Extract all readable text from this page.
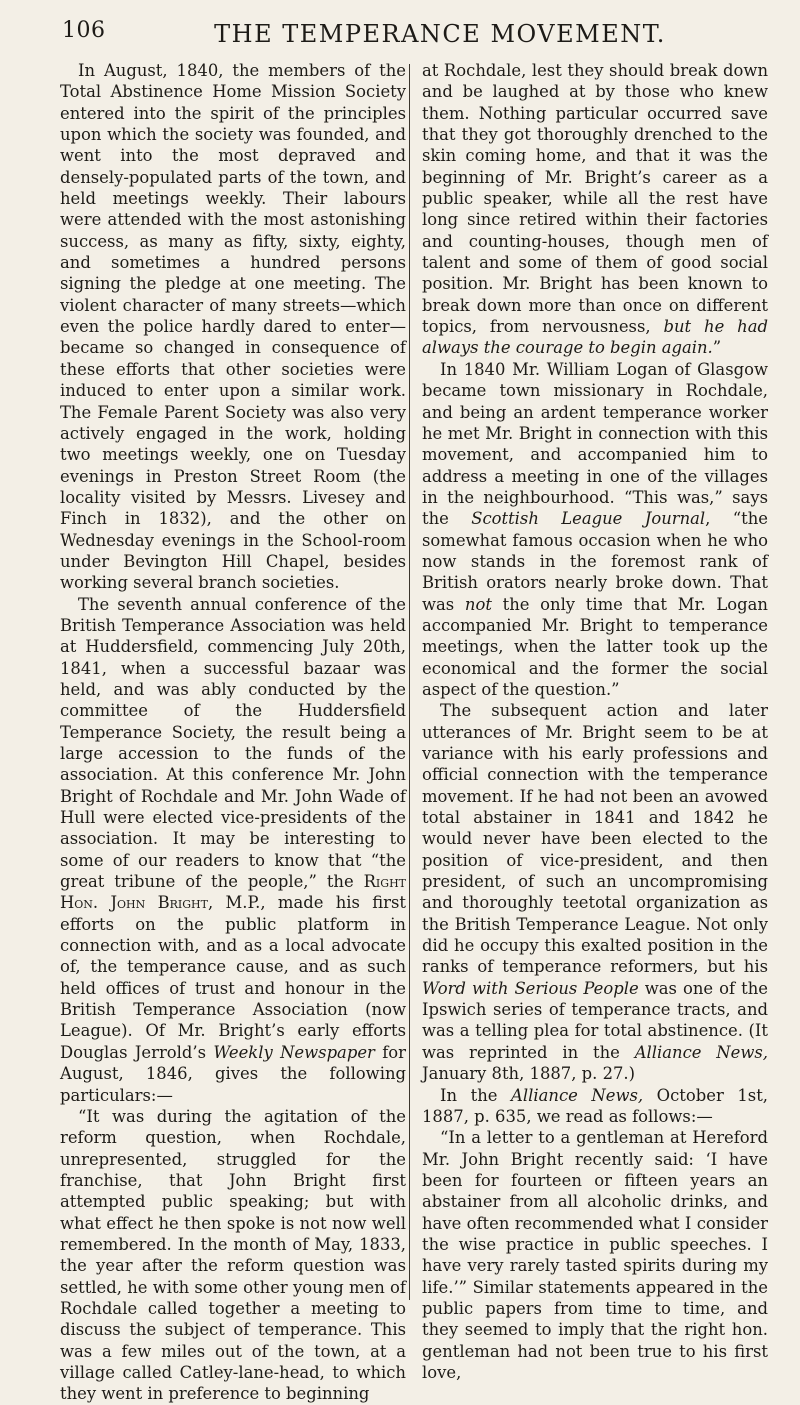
106	THE TEMPERANCE MOVEMENT.

In August, 1840, the members of the Total Abstinence Home Mission Society entered into the spirit of the principles upon which the society was founded, and went into the most depraved and densely-populated parts of the town, and held meetings weekly. Their labours were attended with the most astonishing success, as many as fifty, sixty, eighty, and sometimes a hundred persons signing the pledge at one meeting. The violent character of many streets—which even the police hardly dared to enter—became so changed in consequence of these efforts that other societies were induced to enter upon a similar work. The Female Parent Society was also very actively engaged in the work, holding two meetings weekly, one on Tuesday evenings in Preston Street Room (the locality visited by Messrs. Livesey and Finch in 1832), and the other on Wednesday evenings in the School-room under Bevington Hill Chapel, besides working several branch societies.

The seventh annual conference of the British Temperance Association was held at Huddersfield, commencing July 20th, 1841, when a successful bazaar was held, and was ably conducted by the committee of the Huddersfield Temperance Society, the result being a large accession to the funds of the association. At this conference Mr. John Bright of Rochdale and Mr. John Wade of Hull were elected vice-presidents of the association. It may be interesting to some of our readers to know that “the great tribune of the people,” the Right Hon. John Bright, M.P., made his first efforts on the public platform in connection with, and as a local advocate of, the temperance cause, and as such held offices of trust and honour in the British Temperance Association (now League). Of Mr. Bright’s early efforts Douglas Jerrold’s Weekly Newspaper for August, 1846, gives the following particulars:—

“It was during the agitation of the reform question, when Rochdale, unrepresented, struggled for the franchise, that John Bright first attempted public speaking; but with what effect he then spoke is not now well remembered. In the month of May, 1833, the year after the reform question was settled, he with some other young men of Rochdale called together a meeting to discuss the subject of temperance. This was a few miles out of the town, at a village called Catley-lane-head, to which they went in preference to beginning

at Rochdale, lest they should break down and be laughed at by those who knew them. Nothing particular occurred save that they got thoroughly drenched to the skin coming home, and that it was the beginning of Mr. Bright’s career as a public speaker, while all the rest have long since retired within their factories and counting-houses, though men of talent and some of them of good social position. Mr. Bright has been known to break down more than once on different topics, from nervousness, but he had always the courage to begin again.”

In 1840 Mr. William Logan of Glasgow became town missionary in Rochdale, and being an ardent temperance worker he met Mr. Bright in connection with this movement, and accompanied him to address a meeting in one of the villages in the neighbourhood. “This was,” says the Scottish League Journal, “the somewhat famous occasion when he who now stands in the foremost rank of British orators nearly broke down. That was not the only time that Mr. Logan accompanied Mr. Bright to temperance meetings, when the latter took up the economical and the former the social aspect of the question.”

The subsequent action and later utterances of Mr. Bright seem to be at variance with his early professions and official connection with the temperance movement. If he had not been an avowed total abstainer in 1841 and 1842 he would never have been elected to the position of vice-president, and then president, of such an uncompromising and thoroughly teetotal organization as the British Temperance League. Not only did he occupy this exalted position in the ranks of temperance reformers, but his Word with Serious People was one of the Ipswich series of temperance tracts, and was a telling plea for total abstinence. (It was reprinted in the Alliance News, January 8th, 1887, p. 27.)

In the Alliance News, October 1st, 1887, p. 635, we read as follows:—

“In a letter to a gentleman at Hereford Mr. John Bright recently said: ‘I have been for fourteen or fifteen years an abstainer from all alcoholic drinks, and have often recommended what I consider the wise practice in public speeches. I have very rarely tasted spirits during my life.’” Similar statements appeared in the public papers from time to time, and they seemed to imply that the right hon. gentleman had not been true to his first love,
